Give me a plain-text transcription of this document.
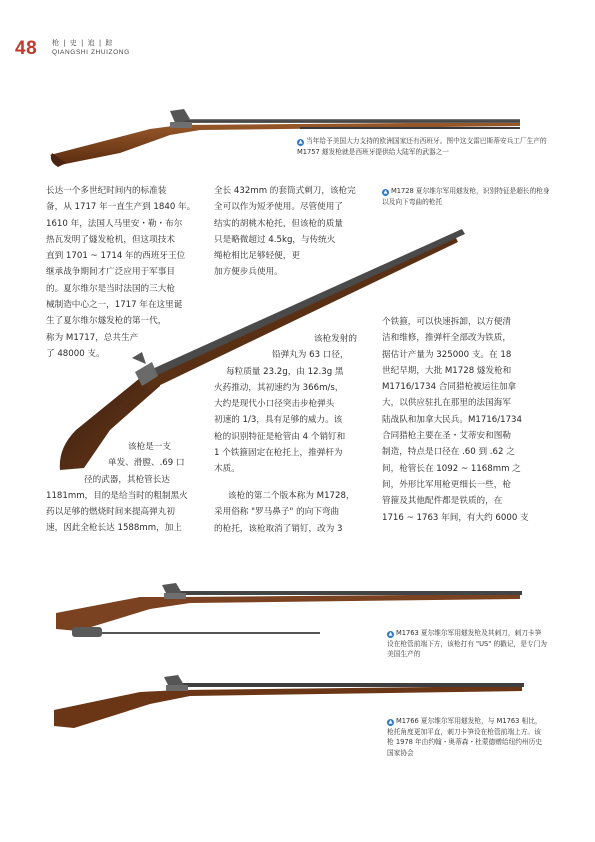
48 枪 | 史 | 追 | 踪
QIANGSHI ZHUIZONG
▲ 当年给予美国大力支持的欧洲国家还有西班牙。图中这支雷巴斯蒂安兵工厂生产的 M1757 燧发枪就是西班牙提供给大陆军的武器之一
长达一个多世纪时间内的标准装
备，从 1717 年一直生产到 1840 年。
1610 年，法国人马里安・勒・布尔
热瓦发明了燧发枪机，但这项技术
直到 1701 ~ 1714 年的西班牙王位
继承战争期间才广泛应用于军事目
的。夏尔维尔是当时法国的三大枪
械制造中心之一，1717 年在这里诞
生了夏尔维尔燧发枪的第一代，
称为 M1717，总共生产
了 48000 支。
该枪是一支
单发、滑膛、.69 口
径的武器，其枪管长达
1181mm，目的是给当时的粗制黑火
药以足够的燃烧时间来提高弹丸初
速，因此全枪长达 1588mm，加上
全长 432mm 的套筒式刺刀，该枪完
全可以作为短矛使用。尽管使用了
结实的胡桃木枪托，但该枪的质量
只是略微超过 4.5kg，与传统火
绳枪相比足够轻便，更
加方便步兵使用。
该枪发射的
铅弹丸为 63 口径，
每粒质量 23.2g，由 12.3g 黑
火药推动，其初速约为 366m/s，
大约是现代小口径突击步枪弹头
初速的 1/3，具有足够的威力。该
枪的识别特征是枪管由 4 个销钉和
1 个铁箍固定在枪托上，推弹杆为
木质。
该枪的第二个版本称为 M1728，
采用俗称 "罗马鼻子" 的向下弯曲
的枪托，该枪取消了销钉，改为 3
▲ M1728 夏尔维尔军用燧发枪，识别特征是超长的枪身以及向下弯曲的枪托
个铁箍，可以快速拆卸，以方便清
洁和维修，推弹杆全部改为铁质，
据估计产量为 325000 支。在 18
世纪早期，大批 M1728 燧发枪和
M1716/1734 合同猎枪被运往加拿
大，以供应驻扎在那里的法国海军
陆战队和加拿大民兵。M1716/1734
合同猎枪主要在圣・艾蒂安和图勒
制造，特点是口径在 .60 到 .62 之
间，枪管长在 1092 ~ 1168mm 之
间，外形比军用枪更细长一些，枪
管箍及其他配件都是铁质的，在
1716 ~ 1763 年间，有大约 6000 支
▲ M1763 夏尔维尔军用燧发枪及其刺刀，刺刀卡笋设在枪管前端下方，该枪打有 "US" 的戳记，是专门为美国生产的
▲ M1766 夏尔维尔军用燧发枪，与 M1763 相比，枪托角度更加平直，刺刀卡笋设在枪管前端上方。该枪 1978 年由约翰・奥蒂森・杜蒙德赠给纽约州历史国家协会
